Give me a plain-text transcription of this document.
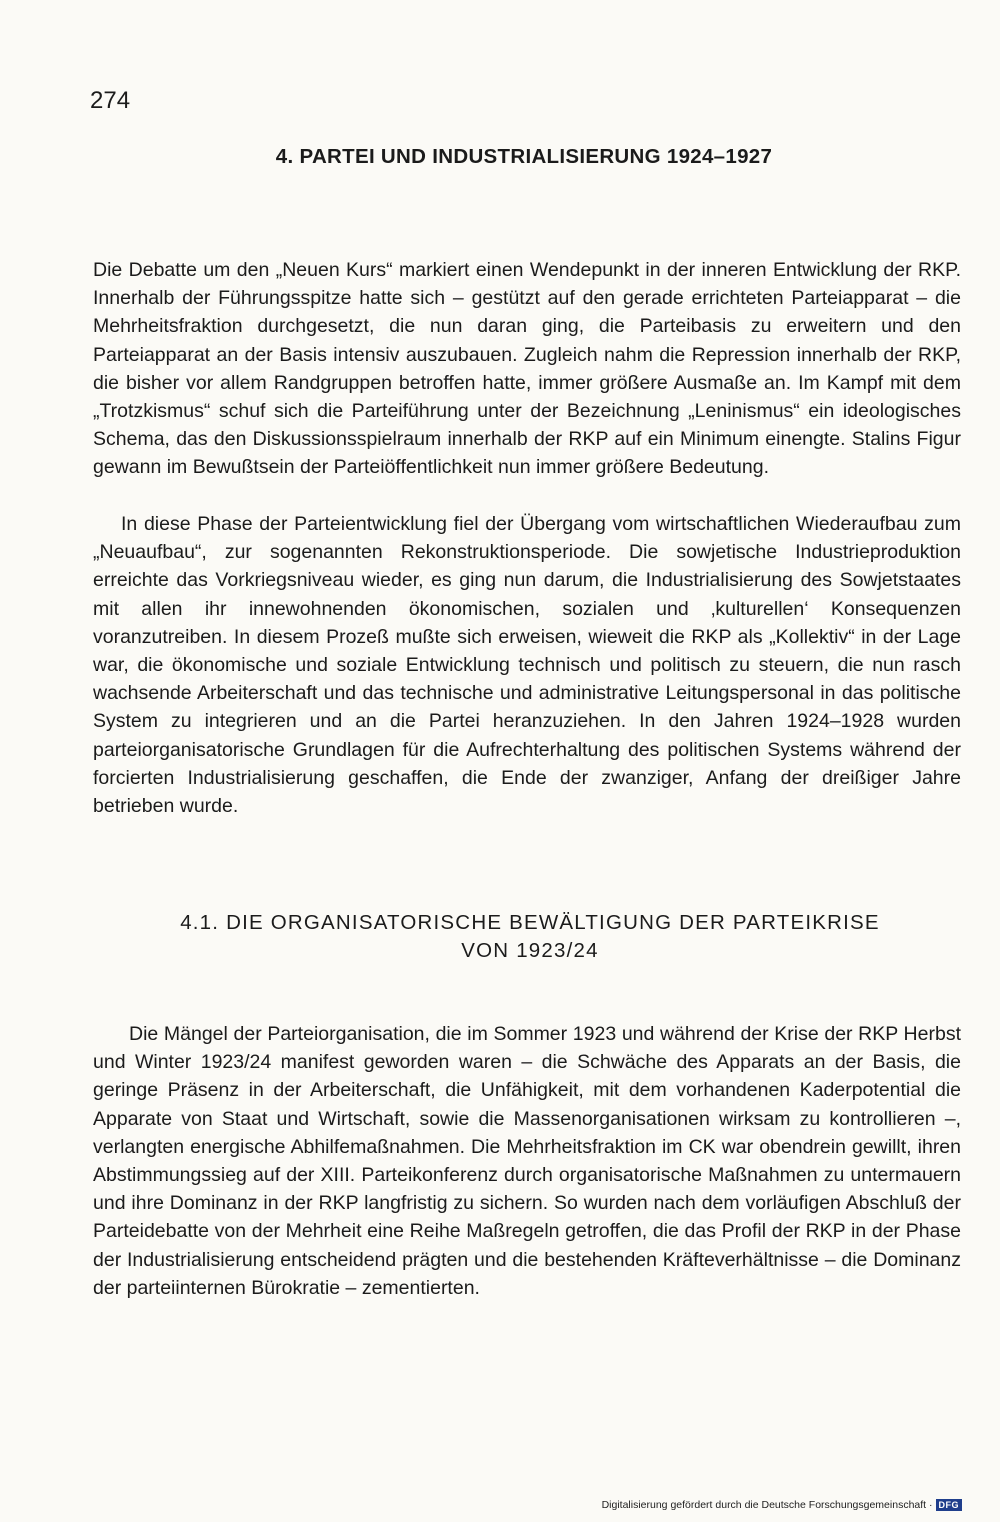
274
4. PARTEI UND INDUSTRIALISIERUNG 1924–1927

Die Debatte um den „Neuen Kurs“ markiert einen Wendepunkt in der inneren Entwicklung der RKP. Innerhalb der Führungsspitze hatte sich – gestützt auf den gerade errichteten Parteiapparat – die Mehrheitsfraktion durchgesetzt, die nun daran ging, die Parteibasis zu erweitern und den Parteiapparat an der Basis intensiv auszubauen. Zugleich nahm die Repression innerhalb der RKP, die bisher vor allem Randgruppen betroffen hatte, immer größere Ausmaße an. Im Kampf mit dem „Trotzkismus“ schuf sich die Parteiführung unter der Bezeichnung „Leninismus“ ein ideologisches Schema, das den Diskussionsspielraum innerhalb der RKP auf ein Minimum einengte. Stalins Figur gewann im Bewußtsein der Parteiöffentlichkeit nun immer größere Bedeutung.

In diese Phase der Parteientwicklung fiel der Übergang vom wirtschaftlichen Wiederaufbau zum „Neuaufbau“, zur sogenannten Rekonstruktionsperiode. Die sowjetische Industrieproduktion erreichte das Vorkriegsniveau wieder, es ging nun darum, die Industrialisierung des Sowjetstaates mit allen ihr innewohnenden ökonomischen, sozialen und ‚kulturellen‘ Konsequenzen voranzutreiben. In diesem Prozeß mußte sich erweisen, wieweit die RKP als „Kollektiv“ in der Lage war, die ökonomische und soziale Entwicklung technisch und politisch zu steuern, die nun rasch wachsende Arbeiterschaft und das technische und administrative Leitungspersonal in das politische System zu integrieren und an die Partei heranzuziehen. In den Jahren 1924–1928 wurden parteiorganisatorische Grundlagen für die Aufrechterhaltung des politischen Systems während der forcierten Industrialisierung geschaffen, die Ende der zwanziger, Anfang der dreißiger Jahre betrieben wurde.

4.1. DIE ORGANISATORISCHE BEWÄLTIGUNG DER PARTEIKRISE
VON 1923/24

Die Mängel der Parteiorganisation, die im Sommer 1923 und während der Krise der RKP Herbst und Winter 1923/24 manifest geworden waren – die Schwäche des Apparats an der Basis, die geringe Präsenz in der Arbeiterschaft, die Unfähigkeit, mit dem vorhandenen Kaderpotential die Apparate von Staat und Wirtschaft, sowie die Massenorganisationen wirksam zu kontrollieren –, verlangten energische Abhilfemaßnahmen. Die Mehrheitsfraktion im CK war obendrein gewillt, ihren Abstimmungssieg auf der XIII. Parteikonferenz durch organisatorische Maßnahmen zu untermauern und ihre Dominanz in der RKP langfristig zu sichern. So wurden nach dem vorläufigen Abschluß der Parteidebatte von der Mehrheit eine Reihe Maßregeln getroffen, die das Profil der RKP in der Phase der Industrialisierung entscheidend prägten und die bestehenden Kräfteverhältnisse – die Dominanz der parteiinternen Bürokratie – zementierten.

Digitalisierung gefördert durch die Deutsche Forschungsgemeinschaft · DFG
